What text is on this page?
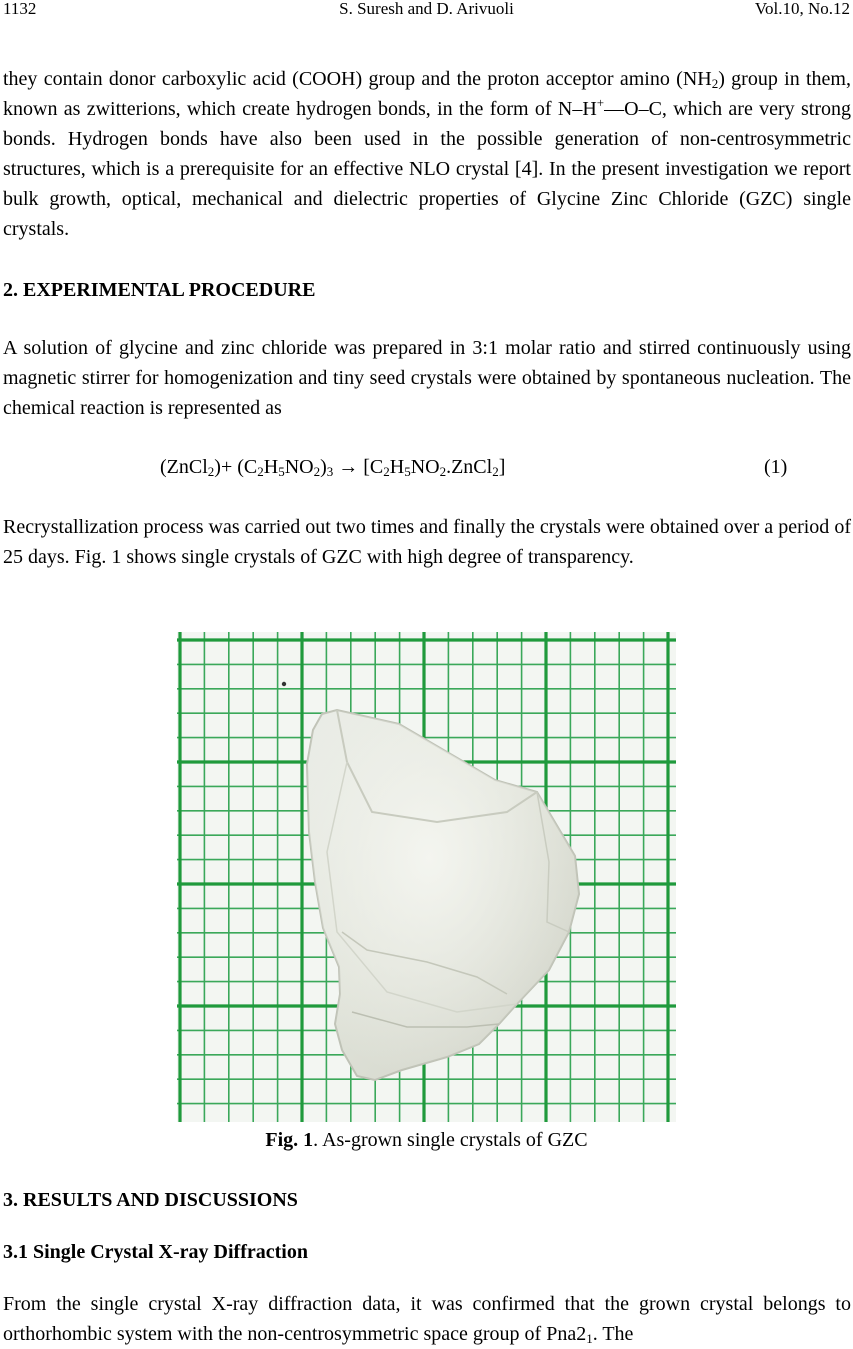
1132	S. Suresh and D. Arivuoli	Vol.10, No.12

they contain donor carboxylic acid (COOH) group and the proton acceptor amino $(NH_2)$ group in them, known as zwitterions, which create hydrogen bonds, in the form of N–H+—O–C, which are very strong bonds. Hydrogen bonds have also been used in the possible generation of non-centrosymmetric structures, which is a prerequisite for an effective NLO crystal [4]. In the present investigation we report bulk growth, optical, mechanical and dielectric properties of Glycine Zinc Chloride (GZC) single crystals.

2. EXPERIMENTAL PROCEDURE

A solution of glycine and zinc chloride was prepared in 3:1 molar ratio and stirred continuously using magnetic stirrer for homogenization and tiny seed crystals were obtained by spontaneous nucleation. The chemical reaction is represented as

(ZnCl$_2$)+ $(C_2H_5NO_2)_3$ → $[C_2H_5NO_2.ZnCl_2]$	(1)

Recrystallization process was carried out two times and finally the crystals were obtained over a period of 25 days. Fig. 1 shows single crystals of GZC with high degree of transparency.

Fig. 1. As-grown single crystals of GZC
3. RESULTS AND DISCUSSIONS
3.1 Single Crystal X-ray Diffraction

From the single crystal X-ray diffraction data, it was confirmed that the grown crystal belongs to orthorhombic system with the non-centrosymmetric space group of $Pna2_1$. The
